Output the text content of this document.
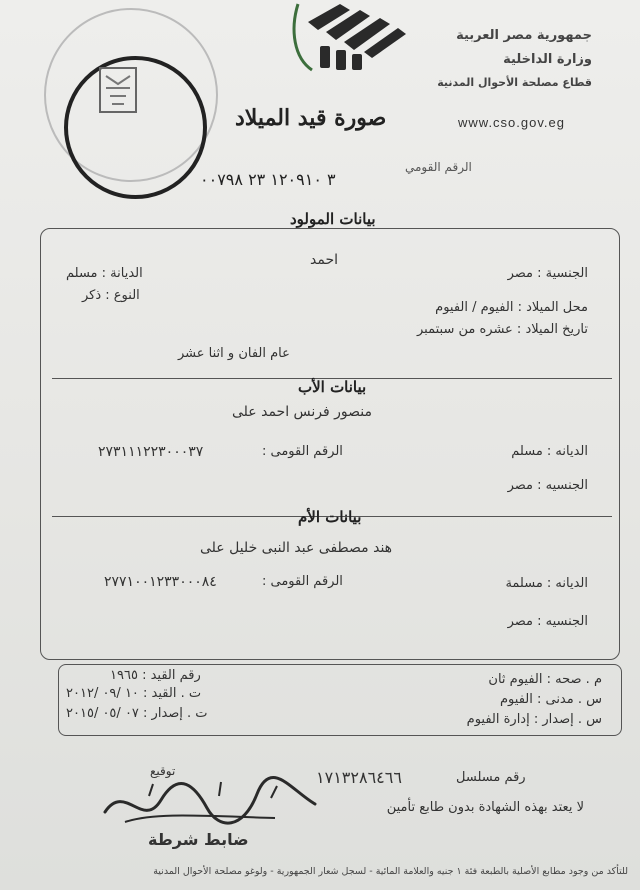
جمهورية مصر العربية
وزارة الداخلية
قطاع مصلحة الأحوال المدنية
www.cso.gov.eg
صورة قيد الميلاد
الرقم القومي
٣ ١٢٠٩١٠ ٢٣ ٠٠٧٩٨
بيانات المولود
احمد
الجنسية : مصر
الديانة : مسلم
النوع : ذكر
محل الميلاد : الفيوم / الفيوم
تاريخ الميلاد : عشره من سبتمبر
عام الفان و اثنا عشر
بيانات الأب
منصور فرنس احمد على
الديانه : مسلم
الرقم القومى :
٢٧٣١١١٢٢٣٠٠٠٣٧
الجنسيه : مصر
بيانات الأم
هند مصطفى عبد النبى خليل على
الديانه : مسلمة
الرقم القومى :
٢٧٧١٠٠١٢٣٣٠٠٠٨٤
الجنسيه : مصر
م . صحه : الفيوم ثان
رقم القيد : ١٩٦٥
س . مدنى : الفيوم
ت . القيد : ١٠ /٠٩ /٢٠١٢
س . إصدار : إدارة الفيوم
ت . إصدار : ٠٧ /٠٥ /٢٠١٥
رقم مسلسل
١٧١٣٢٨٦٤٦٦
توقيع
لا يعتد بهذه الشهادة بدون طابع تأمين
ضابط شرطة
للتأكد من وجود مطابع الأصلية بالطبعة فئة ١ جنيه والعلامة المائية - لسجل شعار الجمهورية - ولوغو مصلحة الأحوال المدنية
